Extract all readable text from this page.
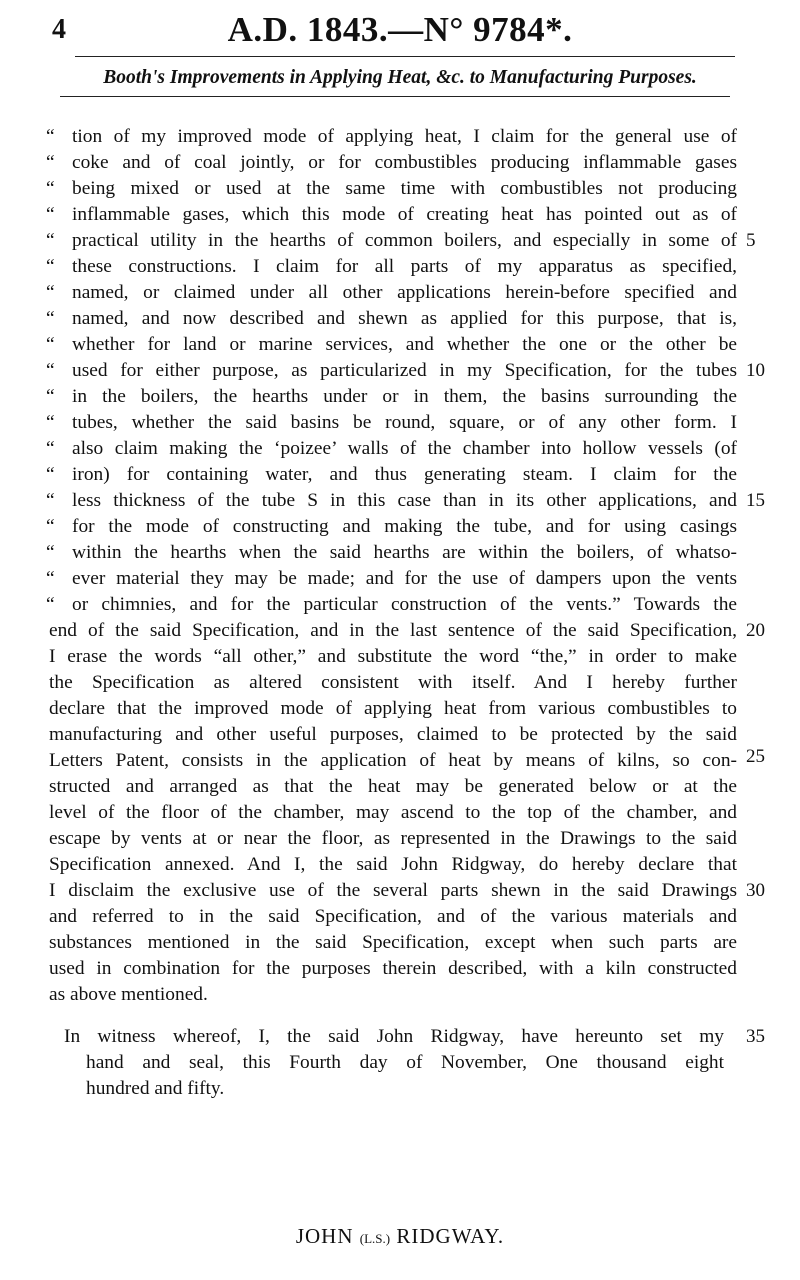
4	A.D. 1843.—N° 9784*.
Booth's Improvements in Applying Heat, &c. to Manufacturing Purposes.
“ tion of my improved mode of applying heat, I claim for the general use of
“ coke and of coal jointly, or for combustibles producing inflammable gases
“ being mixed or used at the same time with combustibles not producing
“ inflammable gases, which this mode of creating heat has pointed out as of
“ practical utility in the hearths of common boilers, and especially in some of
“ these constructions. I claim for all parts of my apparatus as specified,
“ named, or claimed under all other applications herein-before specified and
“ named, and now described and shewn as applied for this purpose, that is,
“ whether for land or marine services, and whether the one or the other be
“ used for either purpose, as particularized in my Specification, for the tubes
“ in the boilers, the hearths under or in them, the basins surrounding the
“ tubes, whether the said basins be round, square, or of any other form. I
“ also claim making the ‘poizee’ walls of the chamber into hollow vessels (of
“ iron) for containing water, and thus generating steam. I claim for the
“ less thickness of the tube S in this case than in its other applications, and
“ for the mode of constructing and making the tube, and for using casings
“ within the hearths when the said hearths are within the boilers, of whatso-
“ ever material they may be made; and for the use of dampers upon the vents
“ or chimnies, and for the particular construction of the vents.” Towards the
end of the said Specification, and in the last sentence of the said Specification,
I erase the words “all other,” and substitute the word “the,” in order to make
the Specification as altered consistent with itself. And I hereby further
declare that the improved mode of applying heat from various combustibles to
manufacturing and other useful purposes, claimed to be protected by the said
Letters Patent, consists in the application of heat by means of kilns, so con-
structed and arranged as that the heat may be generated below or at the
level of the floor of the chamber, may ascend to the top of the chamber, and
escape by vents at or near the floor, as represented in the Drawings to the said
Specification annexed. And I, the said John Ridgway, do hereby declare that
I disclaim the exclusive use of the several parts shewn in the said Drawings
and referred to in the said Specification, and of the various materials and
substances mentioned in the said Specification, except when such parts are
used in combination for the purposes therein described, with a kiln constructed
as above mentioned.
In witness whereof, I, the said John Ridgway, have hereunto set my
hand and seal, this Fourth day of November, One thousand eight
hundred and fifty.
5
10
15
20
25
30
35
JOHN (L.S.) RIDGWAY.
